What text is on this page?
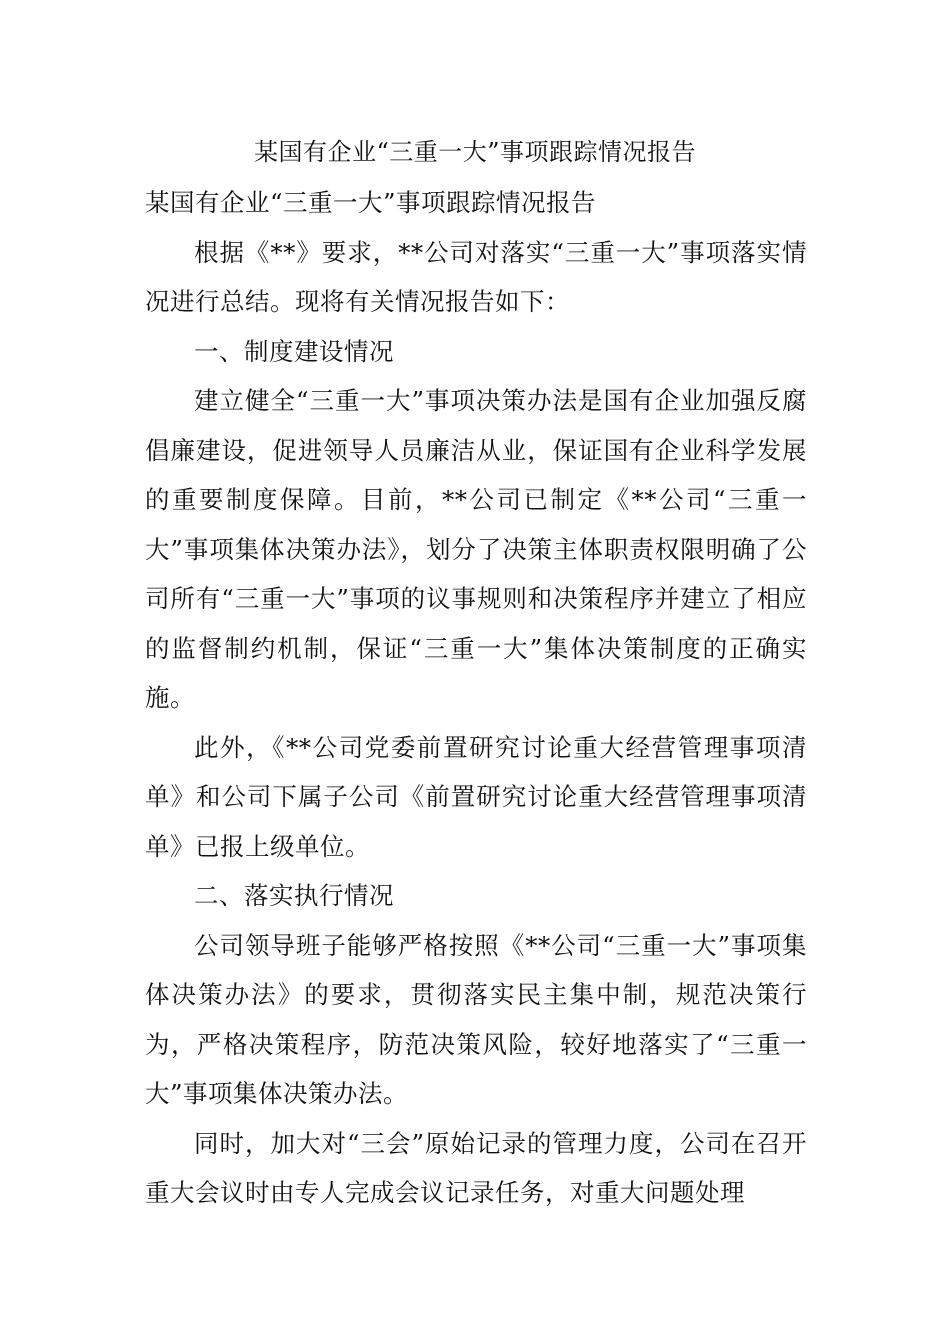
某国有企业“三重一大”事项跟踪情况报告

某国有企业“三重一大”事项跟踪情况报告

根据《**》要求，**公司对落实“三重一大”事项落实情况进行总结。现将有关情况报告如下：

一、制度建设情况

建立健全“三重一大”事项决策办法是国有企业加强反腐倡廉建设，促进领导人员廉洁从业，保证国有企业科学发展的重要制度保障。目前，**公司已制定《**公司“三重一大”事项集体决策办法》，划分了决策主体职责权限明确了公司所有“三重一大”事项的议事规则和决策程序并建立了相应的监督制约机制，保证“三重一大”集体决策制度的正确实施。

此外，《**公司党委前置研究讨论重大经营管理事项清单》和公司下属子公司《前置研究讨论重大经营管理事项清单》已报上级单位。

二、落实执行情况

公司领导班子能够严格按照《**公司“三重一大”事项集体决策办法》的要求，贯彻落实民主集中制，规范决策行为，严格决策程序，防范决策风险，较好地落实了“三重一大”事项集体决策办法。

同时，加大对“三会”原始记录的管理力度，公司在召开重大会议时由专人完成会议记录任务，对重大问题处理
